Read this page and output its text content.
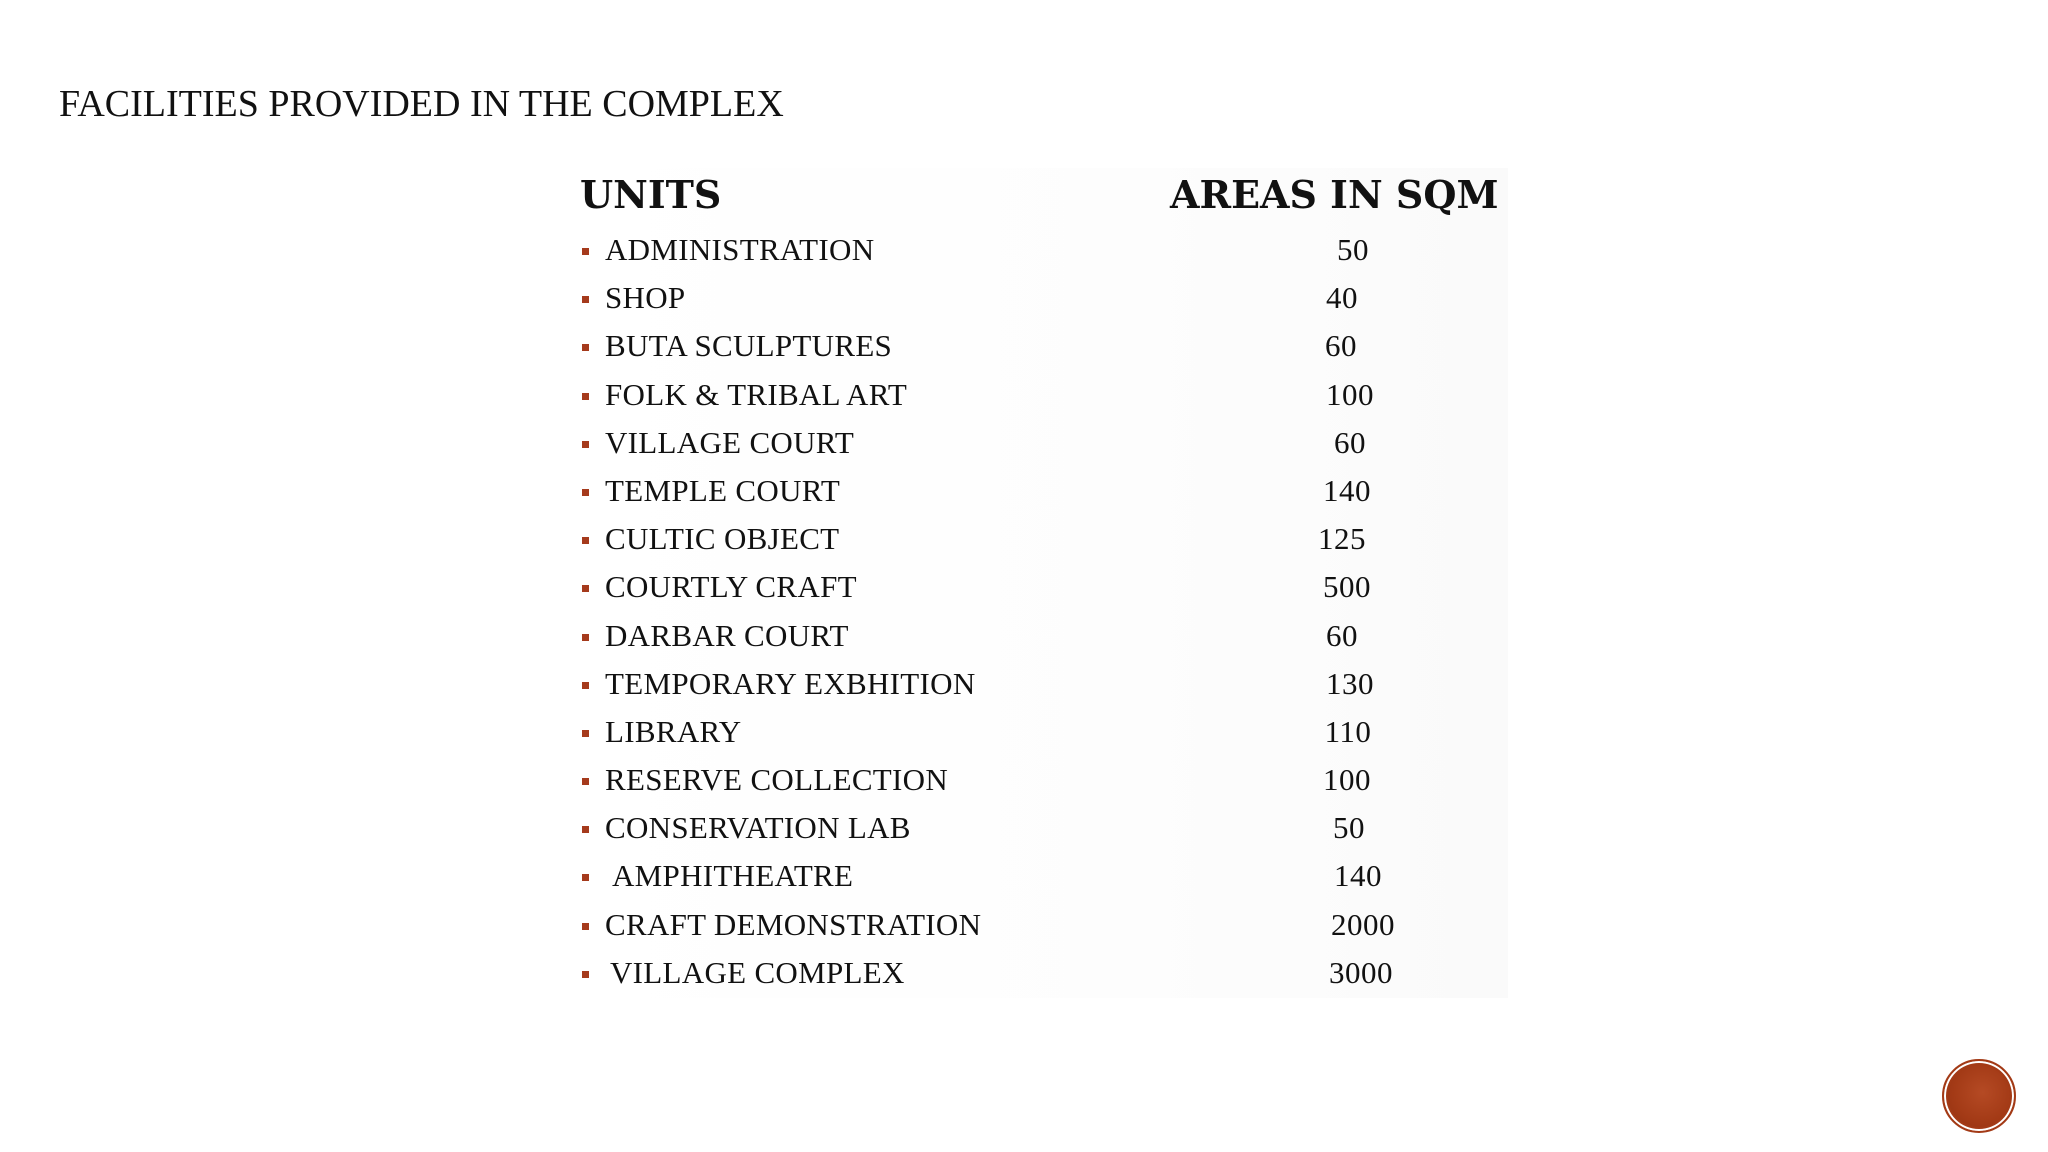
FACILITIES PROVIDED IN THE COMPLEX
UNITS	AREAS IN SQM
ADMINISTRATION	50
SHOP	40
BUTA SCULPTURES	60
FOLK & TRIBAL ART	100
VILLAGE COURT	60
TEMPLE COURT	140
CULTIC OBJECT	125
COURTLY CRAFT	500
DARBAR COURT	60
TEMPORARY EXBHITION	130
LIBRARY	110
RESERVE COLLECTION	100
CONSERVATION LAB	50
AMPHITHEATRE	140
CRAFT DEMONSTRATION	2000
VILLAGE COMPLEX	3000
